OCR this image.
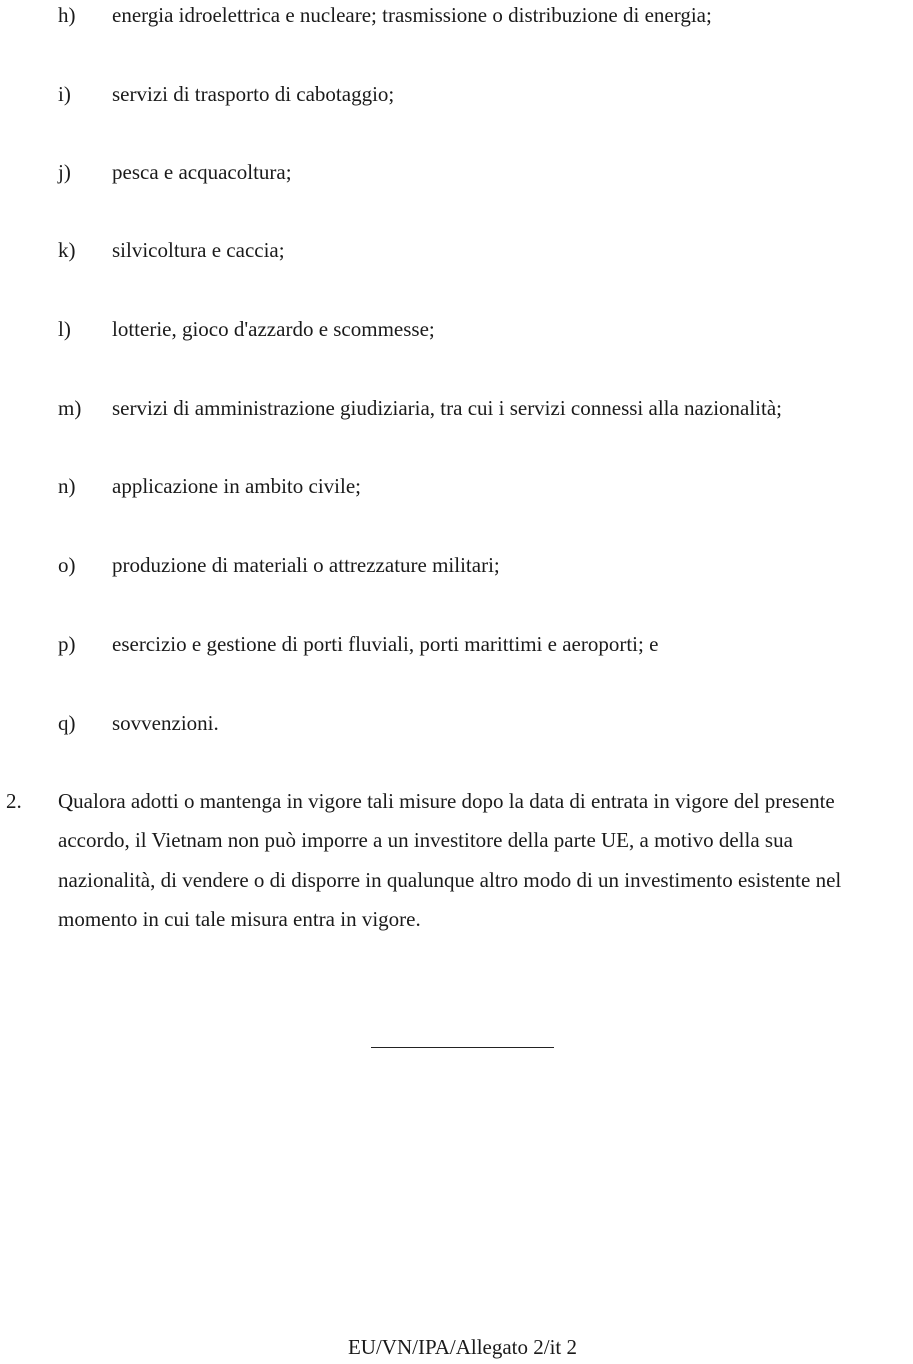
h) energia idroelettrica e nucleare; trasmissione o distribuzione di energia;
i) servizi di trasporto di cabotaggio;
j) pesca e acquacoltura;
k) silvicoltura e caccia;
l) lotterie, gioco d'azzardo e scommesse;
m) servizi di amministrazione giudiziaria, tra cui i servizi connessi alla nazionalità;
n) applicazione in ambito civile;
o) produzione di materiali o attrezzature militari;
p) esercizio e gestione di porti fluviali, porti marittimi e aeroporti; e
q) sovvenzioni.
2. Qualora adotti o mantenga in vigore tali misure dopo la data di entrata in vigore del presente
accordo, il Vietnam non può imporre a un investitore della parte UE, a motivo della sua
nazionalità, di vendere o di disporre in qualunque altro modo di un investimento esistente nel
momento in cui tale misura entra in vigore.
EU/VN/IPA/Allegato 2/it 2
